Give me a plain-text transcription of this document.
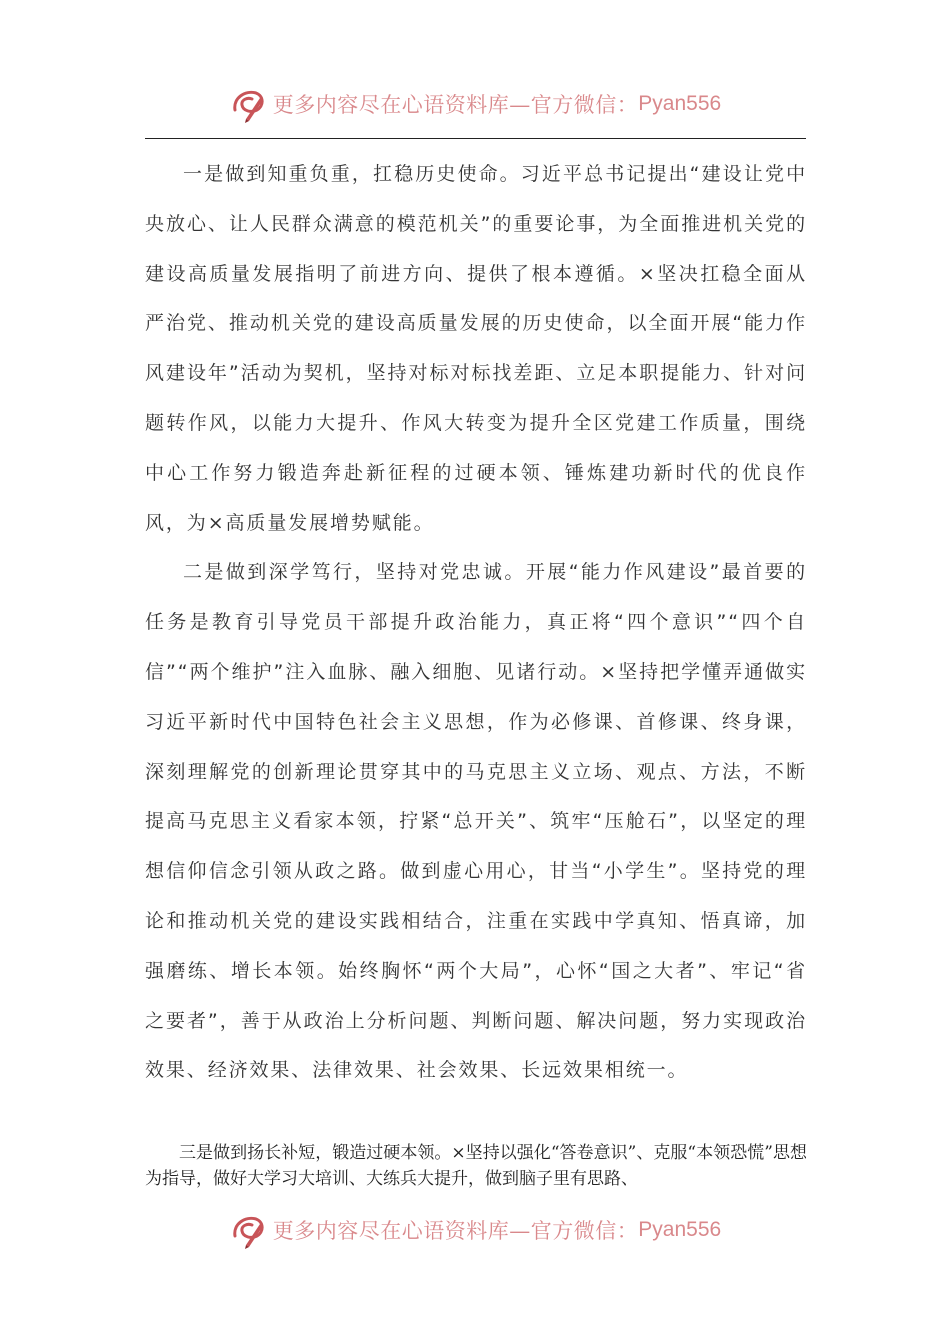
更多内容尽在心语资料库—官方微信： Pyan556

一是做到知重负重，扛稳历史使命。习近平总书记提出“建设让党中央放心、让人民群众满意的模范机关”的重要论事，为全面推进机关党的建设高质量发展指明了前进方向、提供了根本遵循。×坚决扛稳全面从严治党、推动机关党的建设高质量发展的历史使命，以全面开展“能力作风建设年”活动为契机，坚持对标对标找差距、立足本职提能力、针对问题转作风，以能力大提升、作风大转变为提升全区党建工作质量，围绕中心工作努力锻造奔赴新征程的过硬本领、锤炼建功新时代的优良作风，为×高质量发展增势赋能。

二是做到深学笃行，坚持对党忠诚。开展“能力作风建设”最首要的任务是教育引导党员干部提升政治能力，真正将“四个意识”“四个自信”“两个维护”注入血脉、融入细胞、见诸行动。×坚持把学懂弄通做实习近平新时代中国特色社会主义思想，作为必修课、首修课、终身课，深刻理解党的创新理论贯穿其中的马克思主义立场、观点、方法，不断提高马克思主义看家本领，拧紧“总开关”、筑牢“压舱石”，以坚定的理想信仰信念引领从政之路。做到虚心用心，甘当“小学生”。坚持党的理论和推动机关党的建设实践相结合，注重在实践中学真知、悟真谛，加强磨练、增长本领。始终胸怀“两个大局”，心怀“国之大者”、牢记“省之要者”，善于从政治上分析问题、判断问题、解决问题，努力实现政治效果、经济效果、法律效果、社会效果、长远效果相统一。

三是做到扬长补短，锻造过硬本领。×坚持以强化“答卷意识”、克服“本领恐慌”思想为指导，做好大学习大培训、大练兵大提升，做到脑子里有思路、

更多内容尽在心语资料库—官方微信： Pyan556
